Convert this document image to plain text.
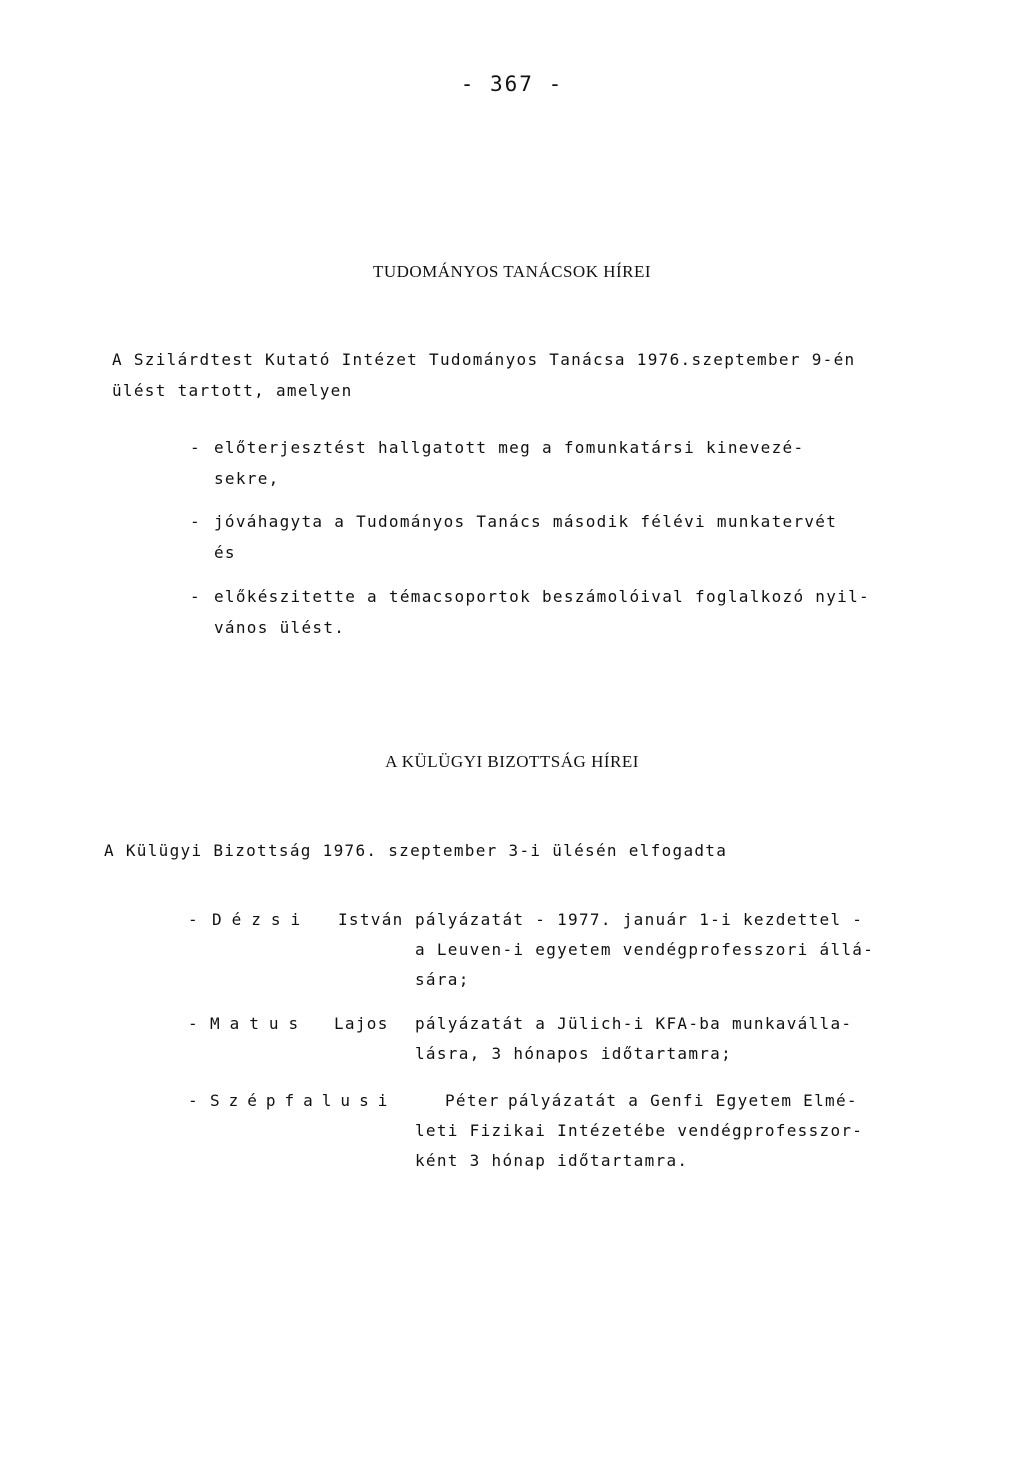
- 367 -
TUDOMÁNYOS TANÁCSOK HÍREI
A Szilárdtest Kutató Intézet Tudományos Tanácsa 1976.szeptember 9-én
ülést tartott, amelyen
- előterjesztést hallgatott meg a fomunkatársi kinevezé-
sekre,
- jóváhagyta a Tudományos Tanács második félévi munkatervét
és
- előkészitette a témacsoportok beszámolóival foglalkozó nyil-
vános ülést.
A KÜLÜGYI BIZOTTSÁG HÍREI
A Külügyi Bizottság 1976. szeptember 3-i ülésén elfogadta
- Dézsi István pályázatát - 1977. január 1-i kezdettel -
a Leuven-i egyetem vendégprofesszori állá-
sára;
- Matus Lajos pályázatát a Jülich-i KFA-ba munkavállа-
lásra, 3 hónapos időtartamra;
- Szépfalusi	Péter pályázatát a Genfi Egyetem Elmé-
leti Fizikai Intézetébe vendégprofesszor-
ként 3 hónap időtartamra.
